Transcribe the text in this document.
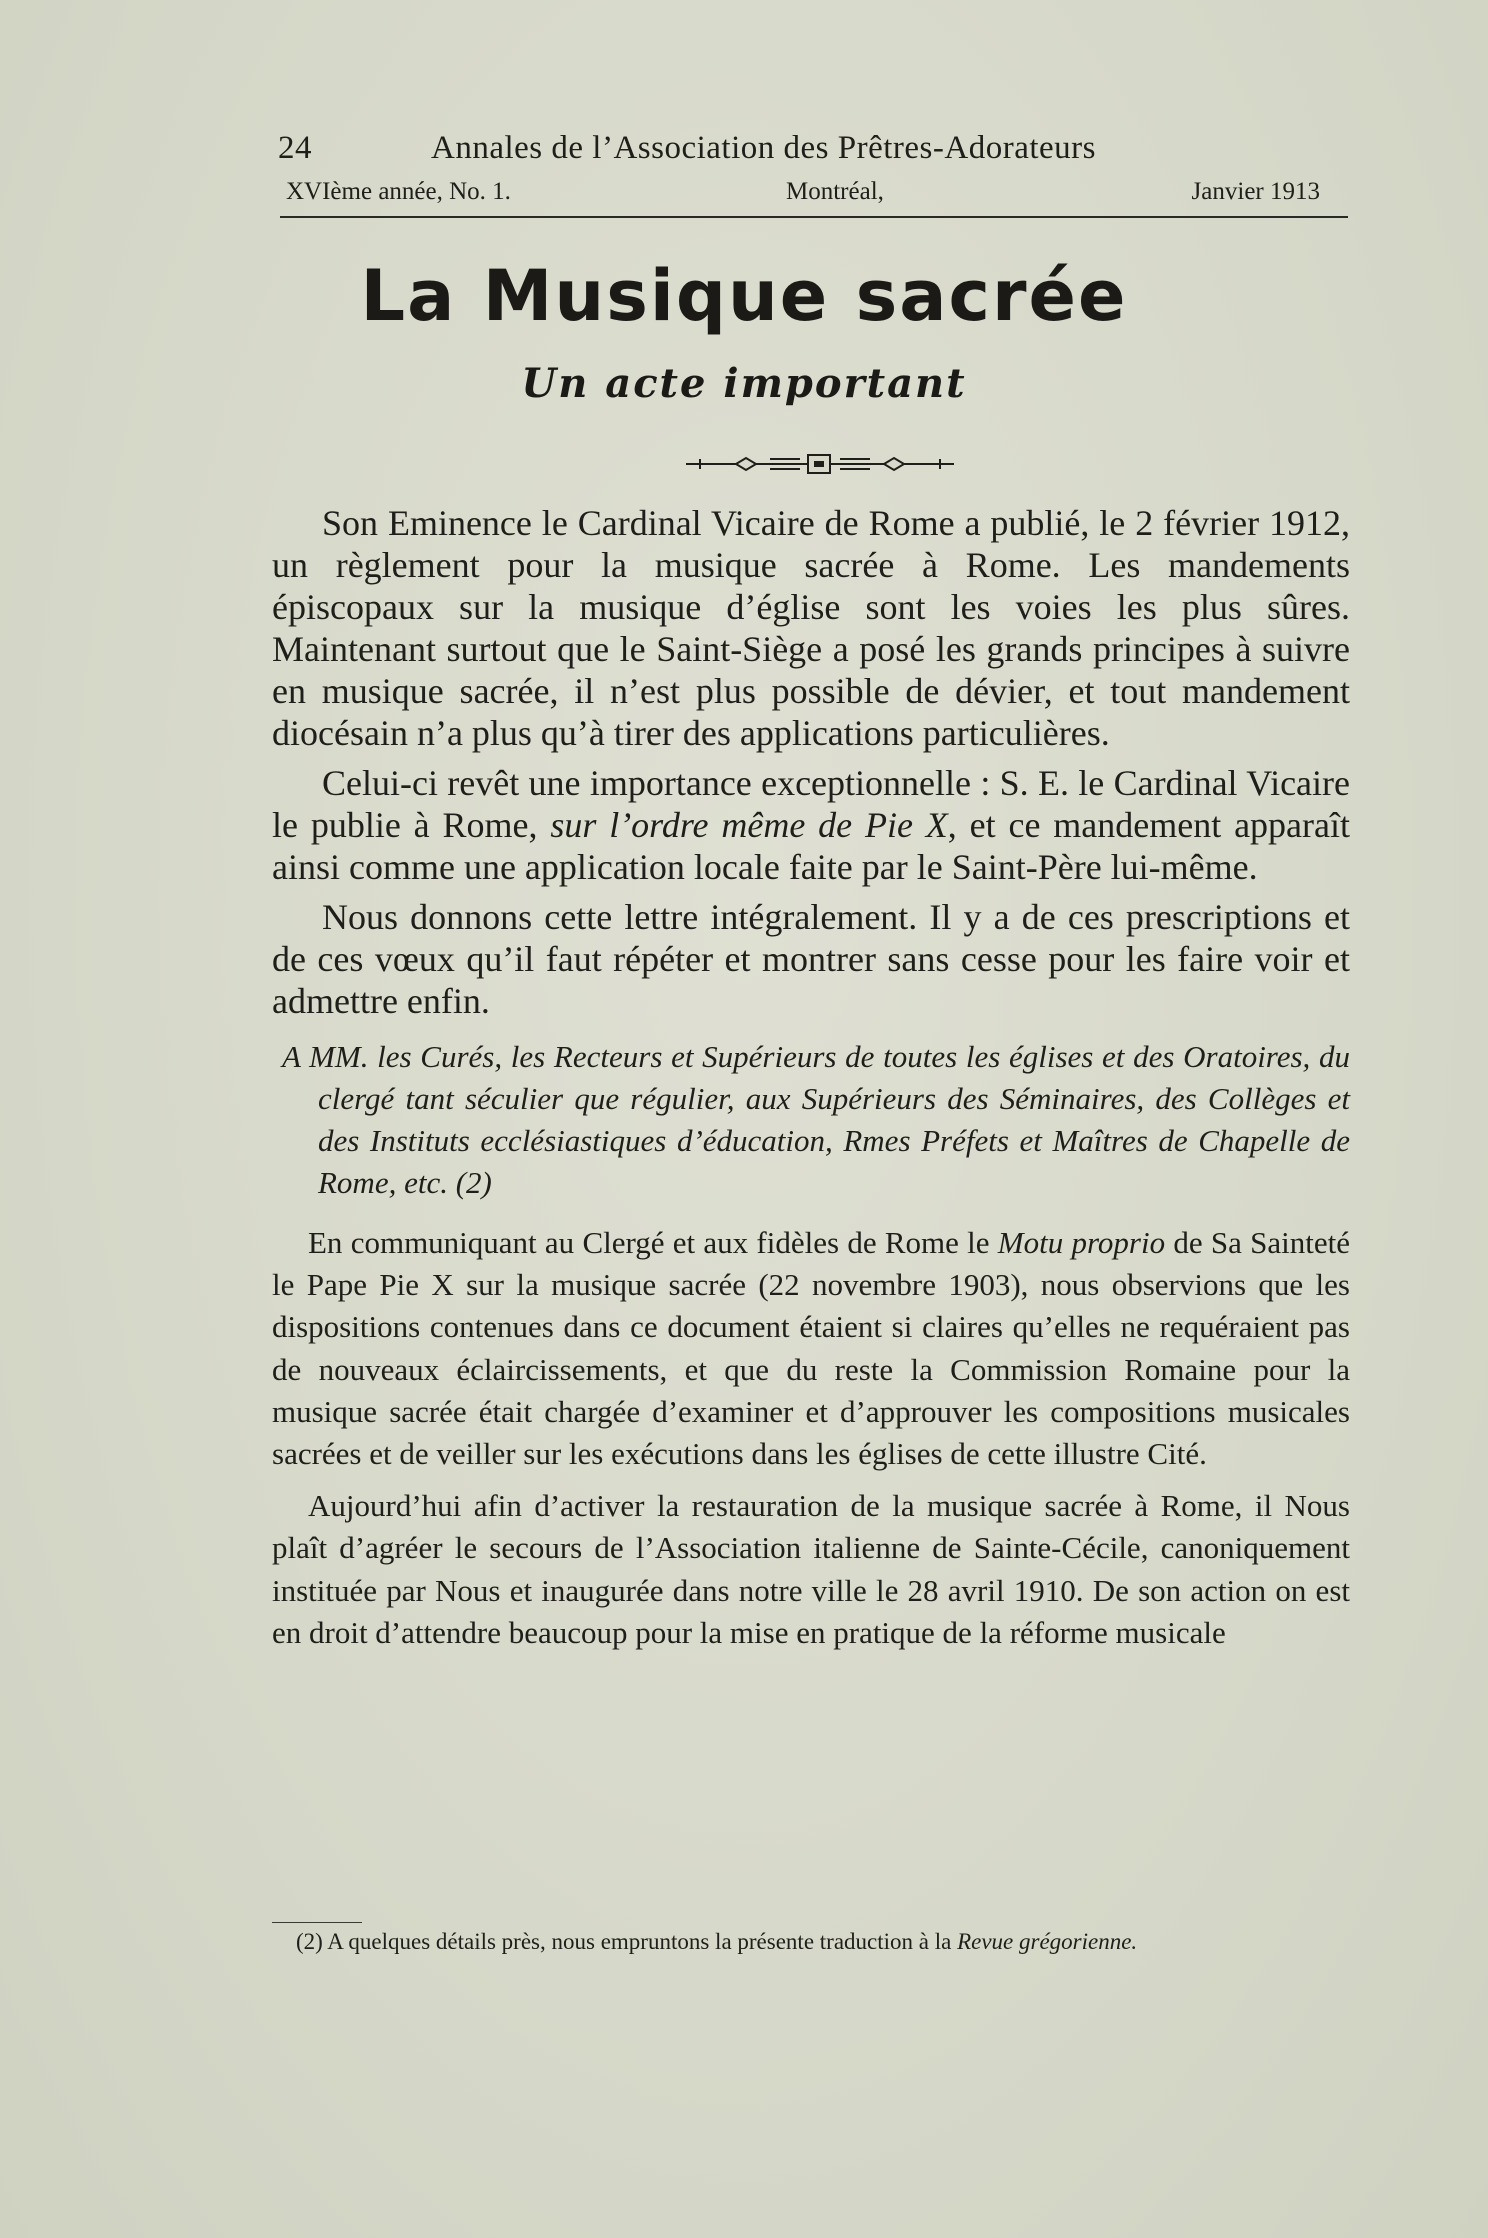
24	Annales de l’Association des Prêtres-Adorateurs
XVIème année, No. 1.	Montréal,	Janvier 1913
La Musique sacrée
Un acte important

Son Eminence le Cardinal Vicaire de Rome a publié, le 2 février 1912, un règlement pour la musique sacrée à Rome. Les mandements épiscopaux sur la musique d’église sont les voies les plus sûres. Maintenant surtout que le Saint-Siège a posé les grands principes à suivre en musique sacrée, il n’est plus possible de dévier, et tout mandement diocésain n’a plus qu’à tirer des applications particulières.

Celui-ci revêt une importance exceptionnelle : S. E. le Cardinal Vicaire le publie à Rome, sur l’ordre même de Pie X, et ce mandement apparaît ainsi comme une application locale faite par le Saint-Père lui-même.

Nous donnons cette lettre intégralement. Il y a de ces prescriptions et de ces vœux qu’il faut répéter et montrer sans cesse pour les faire voir et admettre enfin.

A MM. les Curés, les Recteurs et Supérieurs de toutes les églises et des Oratoires, du clergé tant séculier que régulier, aux Supérieurs des Séminaires, des Collèges et des Instituts ecclésiastiques d’éducation, Rmes Préfets et Maîtres de Chapelle de Rome, etc. (2)

En communiquant au Clergé et aux fidèles de Rome le Motu proprio de Sa Sainteté le Pape Pie X sur la musique sacrée (22 novembre 1903), nous observions que les dispositions contenues dans ce document étaient si claires qu’elles ne requéraient pas de nouveaux éclaircissements, et que du reste la Commission Romaine pour la musique sacrée était chargée d’examiner et d’approuver les compositions musicales sacrées et de veiller sur les exécutions dans les églises de cette illustre Cité.

Aujourd’hui afin d’activer la restauration de la musique sacrée à Rome, il Nous plaît d’agréer le secours de l’Association italienne de Sainte-Cécile, canoniquement instituée par Nous et inaugurée dans notre ville le 28 avril 1910. De son action on est en droit d’attendre beaucoup pour la mise en pratique de la réforme musicale

(2) A quelques détails près, nous empruntons la présente traduction à la Revue grégorienne.
